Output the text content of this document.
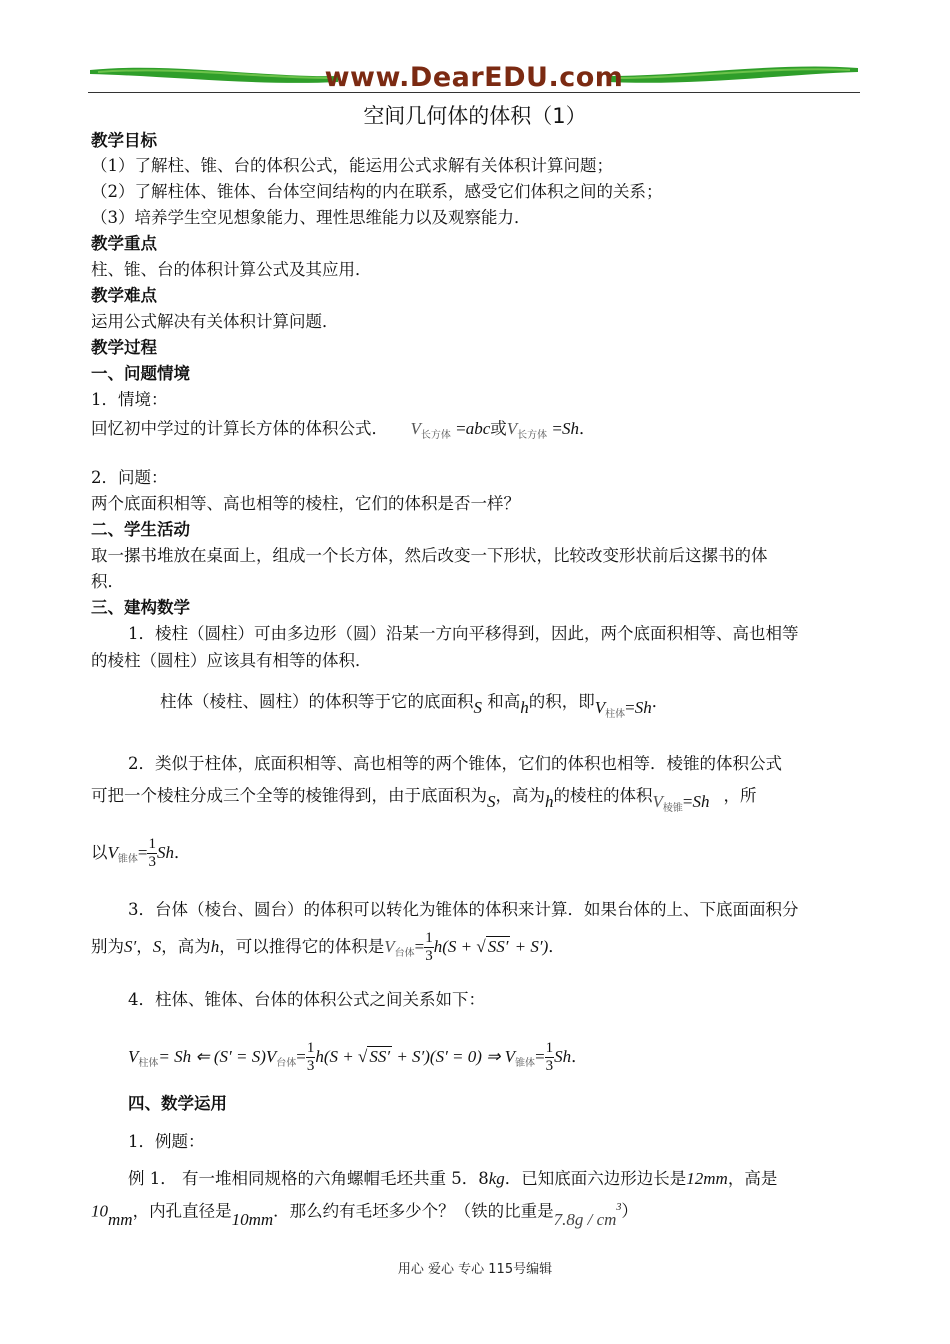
www.DearEDU.com
空间几何体的体积（1）
教学目标
（1）了解柱、锥、台的体积公式，能运用公式求解有关体积计算问题；
（2）了解柱体、锥体、台体空间结构的内在联系，感受它们体积之间的关系；
（3）培养学生空见想象能力、理性思维能力以及观察能力．
教学重点
柱、锥、台的体积计算公式及其应用．
教学难点
运用公式解决有关体积计算问题．
教学过程
一、问题情境
1．情境：
回忆初中学过的计算长方体的体积公式． $V_{长方体} =abc$或$V_{长方体} =Sh$．
2．问题：
两个底面积相等、高也相等的棱柱，它们的体积是否一样？
二、学生活动
取一摞书堆放在桌面上，组成一个长方体，然后改变一下形状，比较改变形状前后这摞书的体
积．
三、建构数学
1．棱柱（圆柱）可由多边形（圆）沿某一方向平移得到，因此，两个底面积相等、高也相等
的棱柱（圆柱）应该具有相等的体积．
柱体（棱柱、圆柱）的体积等于它的底面积S 和高h的积，即$V_{柱体}=Sh$．
2．类似于柱体，底面积相等、高也相等的两个锥体，它们的体积也相等．棱锥的体积公式
可把一个棱柱分成三个全等的棱锥得到，由于底面积为S，高为h的棱柱的体积$V_{棱锥}=Sh$ ，所
以$V_{锥体}= \frac{1}{3}$ Sh．
3．台体（棱台、圆台）的体积可以转化为锥体的体积来计算．如果台体的上、下底面面积分
别为S′，S，高为h，可以推得它的体积是$V_{台体}= \frac{1}{3} h(S$ + √ SS′ + S′)．
4．柱体、锥体、台体的体积公式之间关系如下：
$V_{柱体}= Sh$ ⇐ $(S' = S)V_{台体}= \frac{1}{3} h(S$ + √ SS′ + S′)(S′ = 0) ⇒ $V_{锥体}= \frac{1}{3}$ Sh．
四、数学运用
1．例题：
例 1． 有一堆相同规格的六角螺帽毛坯共重 5．8kg．已知底面六边形边长是12mm，高是
10mm，内孔直径是10mm．那么约有毛坯多少个？（铁的比重是$7.8g / cm^3$）
用心 爱心 专心 115号编辑
